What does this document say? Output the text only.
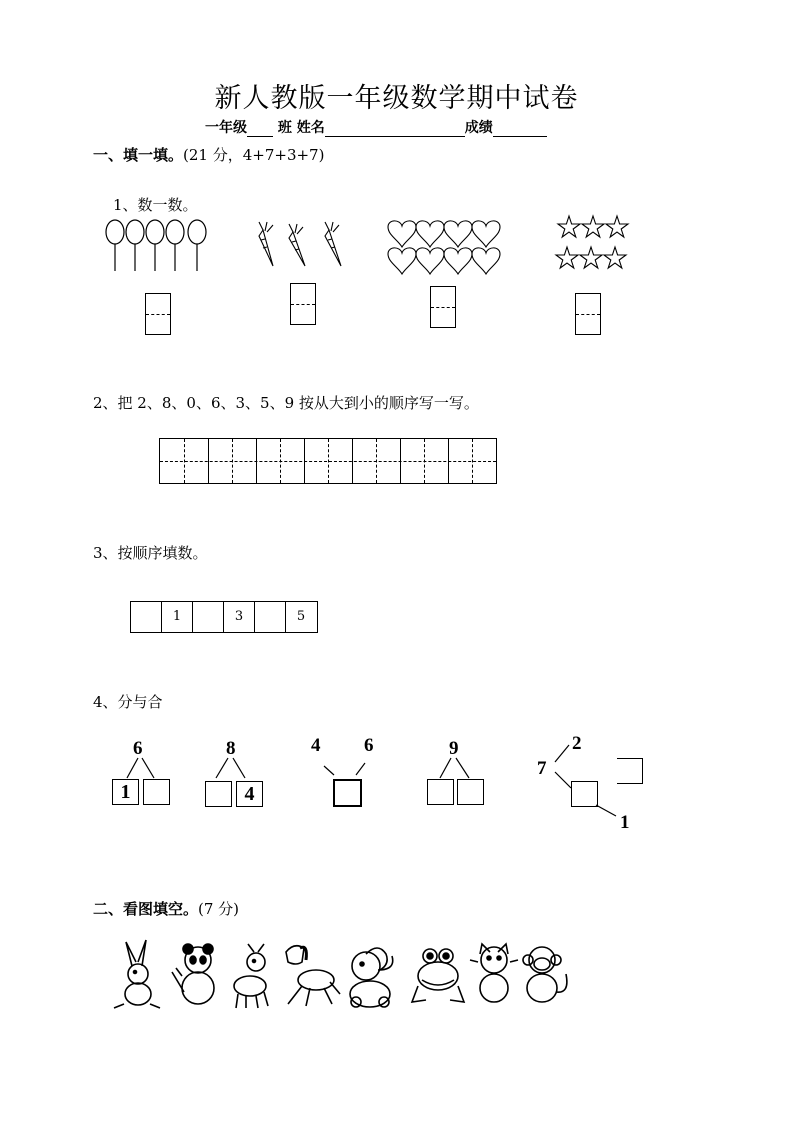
新人教版一年级数学期中试卷
一年级 班 姓名	成绩
一、填一填。(21 分，4+7+3+7)
1、数一数。
2、把 2、8、0、6、3、5、9 按从大到小的顺序写一写。
3、按顺序填数。
1	3	5
4、分与合
6
1
8
4
4 6	9
7
2
1
二、看图填空。(7 分)
